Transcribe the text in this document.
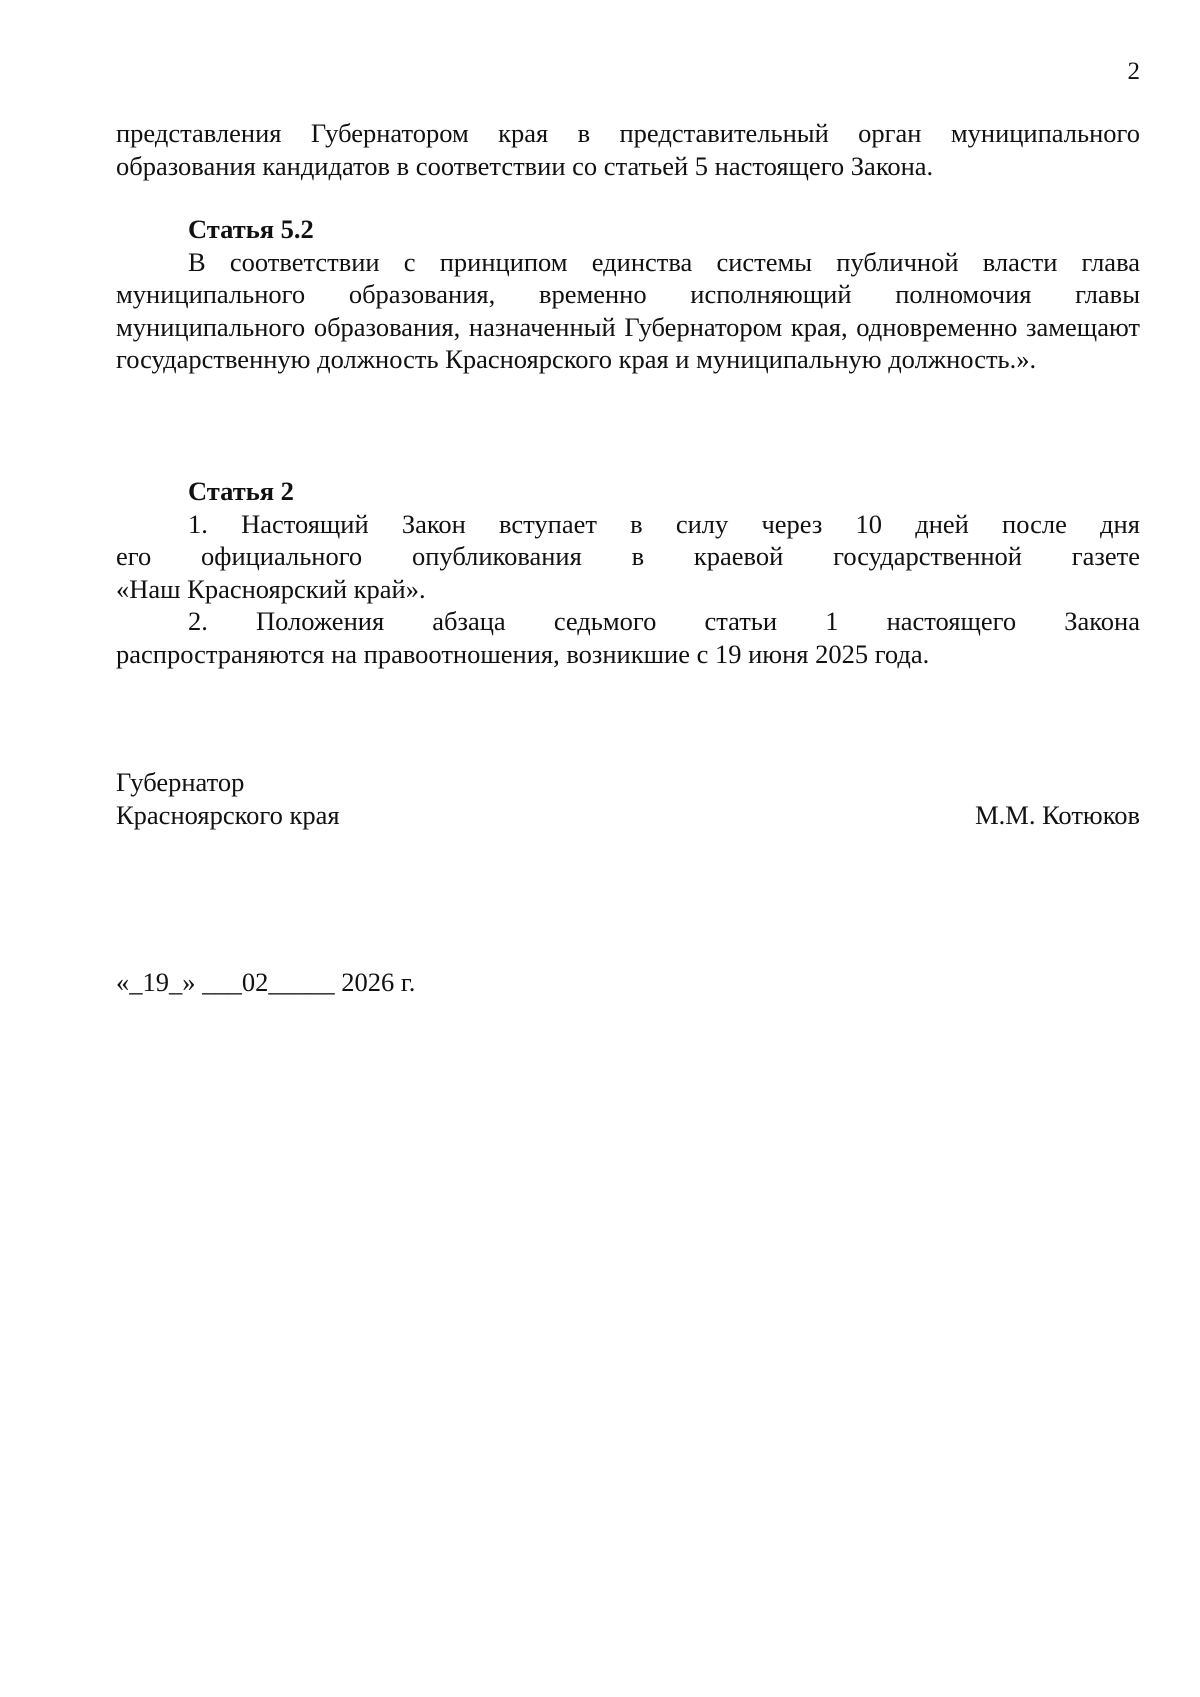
2

представления Губернатором края в представительный орган муниципального

образования кандидатов в соответствии со статьей 5 настоящего Закона.

Статья 5.2

В соответствии с принципом единства системы публичной власти глава муниципального образования, временно исполняющий полномочия главы муниципального образования, назначенный Губернатором края, одновременно замещают государственную должность Красноярского края и муниципальную должность.».

Статья 2

1. Настоящий Закон вступает в силу через 10 дней после дня

его официального опубликования в краевой государственной газете

«Наш Красноярский край».

2. Положения абзаца седьмого статьи 1 настоящего Закона

распространяются на правоотношения, возникшие с 19 июня 2025 года.

Губернатор
Красноярского края	М.М. Котюков
«_19_» ___02_____ 2026 г.
